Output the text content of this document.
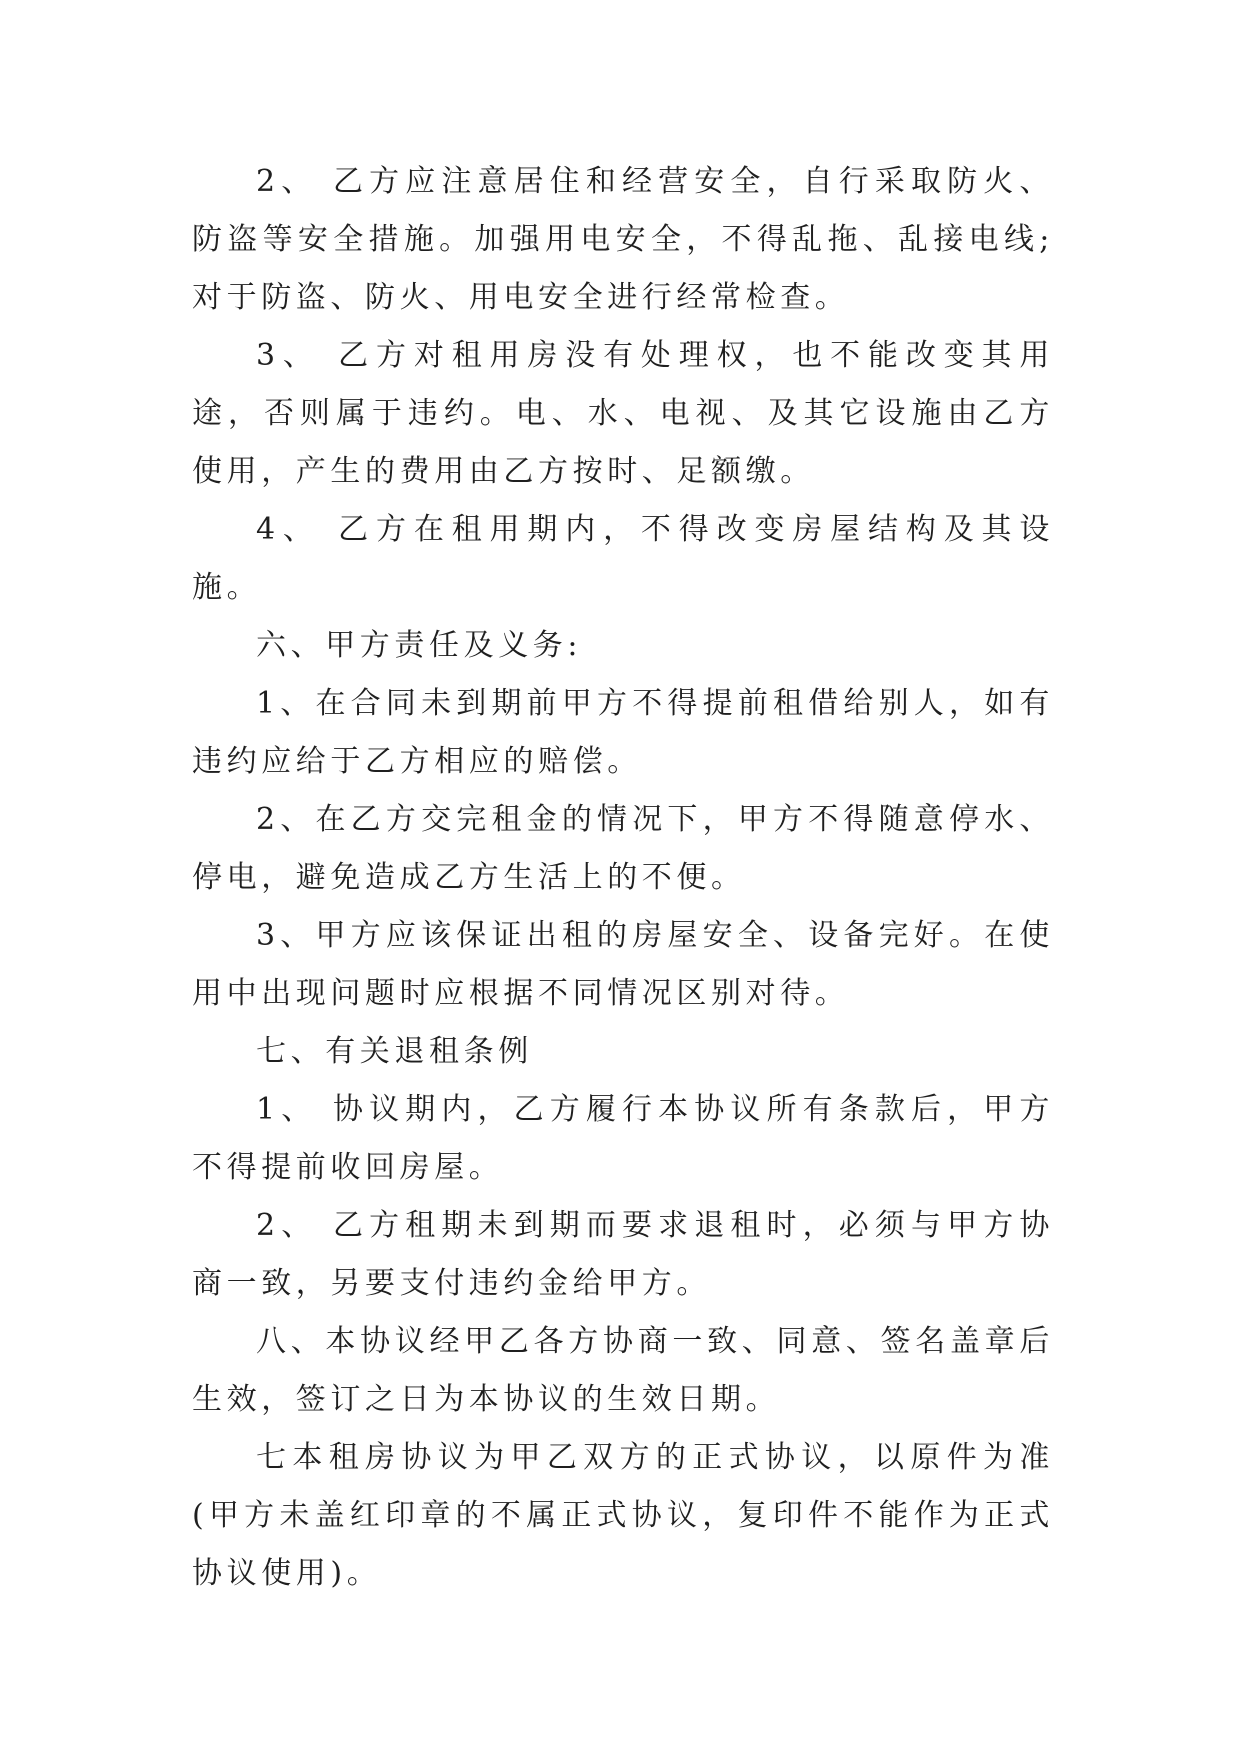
2、 乙方应注意居住和经营安全，自行采取防火、防盗等安全措施。加强用电安全，不得乱拖、乱接电线;对于防盗、防火、用电安全进行经常检查。

3、 乙方对租用房没有处理权，也不能改变其用途，否则属于违约。电、水、电视、及其它设施由乙方使用，产生的费用由乙方按时、足额缴。

4、 乙方在租用期内，不得改变房屋结构及其设施。

六、甲方责任及义务:

1、在合同未到期前甲方不得提前租借给别人，如有违约应给于乙方相应的赔偿。

2、在乙方交完租金的情况下，甲方不得随意停水、停电，避免造成乙方生活上的不便。

3、甲方应该保证出租的房屋安全、设备完好。在使用中出现问题时应根据不同情况区别对待。

七、有关退租条例

1、 协议期内，乙方履行本协议所有条款后，甲方不得提前收回房屋。

2、 乙方租期未到期而要求退租时，必须与甲方协商一致，另要支付违约金给甲方。

八、本协议经甲乙各方协商一致、同意、签名盖章后生效，签订之日为本协议的生效日期。

七本租房协议为甲乙双方的正式协议，以原件为准(甲方未盖红印章的不属正式协议，复印件不能作为正式协议使用)。
